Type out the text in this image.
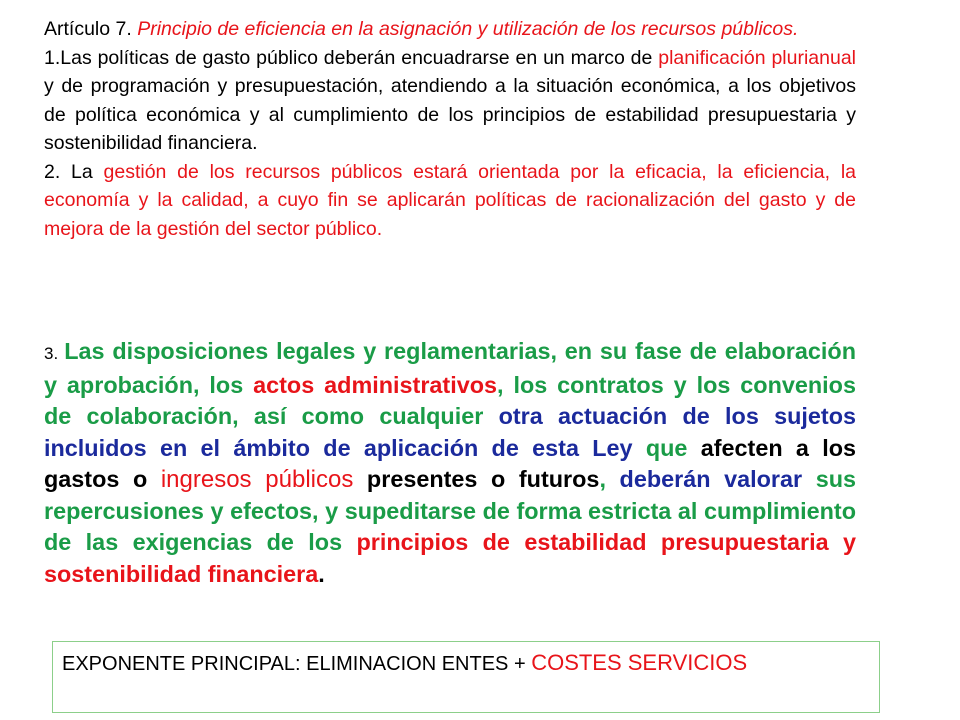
Artículo 7. Principio de eficiencia en la asignación y utilización de los recursos públicos.

1.Las políticas de gasto público deberán encuadrarse en un marco de planificación plurianual y de programación y presupuestación, atendiendo a la situación económica, a los objetivos de política económica y al cumplimiento de los principios de estabilidad presupuestaria y sostenibilidad financiera.

2. La gestión de los recursos públicos estará orientada por la eficacia, la eficiencia, la economía y la calidad, a cuyo fin se aplicarán políticas de racionalización del gasto y de mejora de la gestión del sector público.

3. Las disposiciones legales y reglamentarias, en su fase de elaboración y aprobación, los actos administrativos, los contratos y los convenios de colaboración, así como cualquier otra actuación de los sujetos incluidos en el ámbito de aplicación de esta Ley que afecten a los gastos o ingresos públicos presentes o futuros, deberán valorar sus repercusiones y efectos, y supeditarse de forma estricta al cumplimiento de las exigencias de los principios de estabilidad presupuestaria y sostenibilidad financiera.

EXPONENTE PRINCIPAL: ELIMINACION ENTES + COSTES SERVICIOS
